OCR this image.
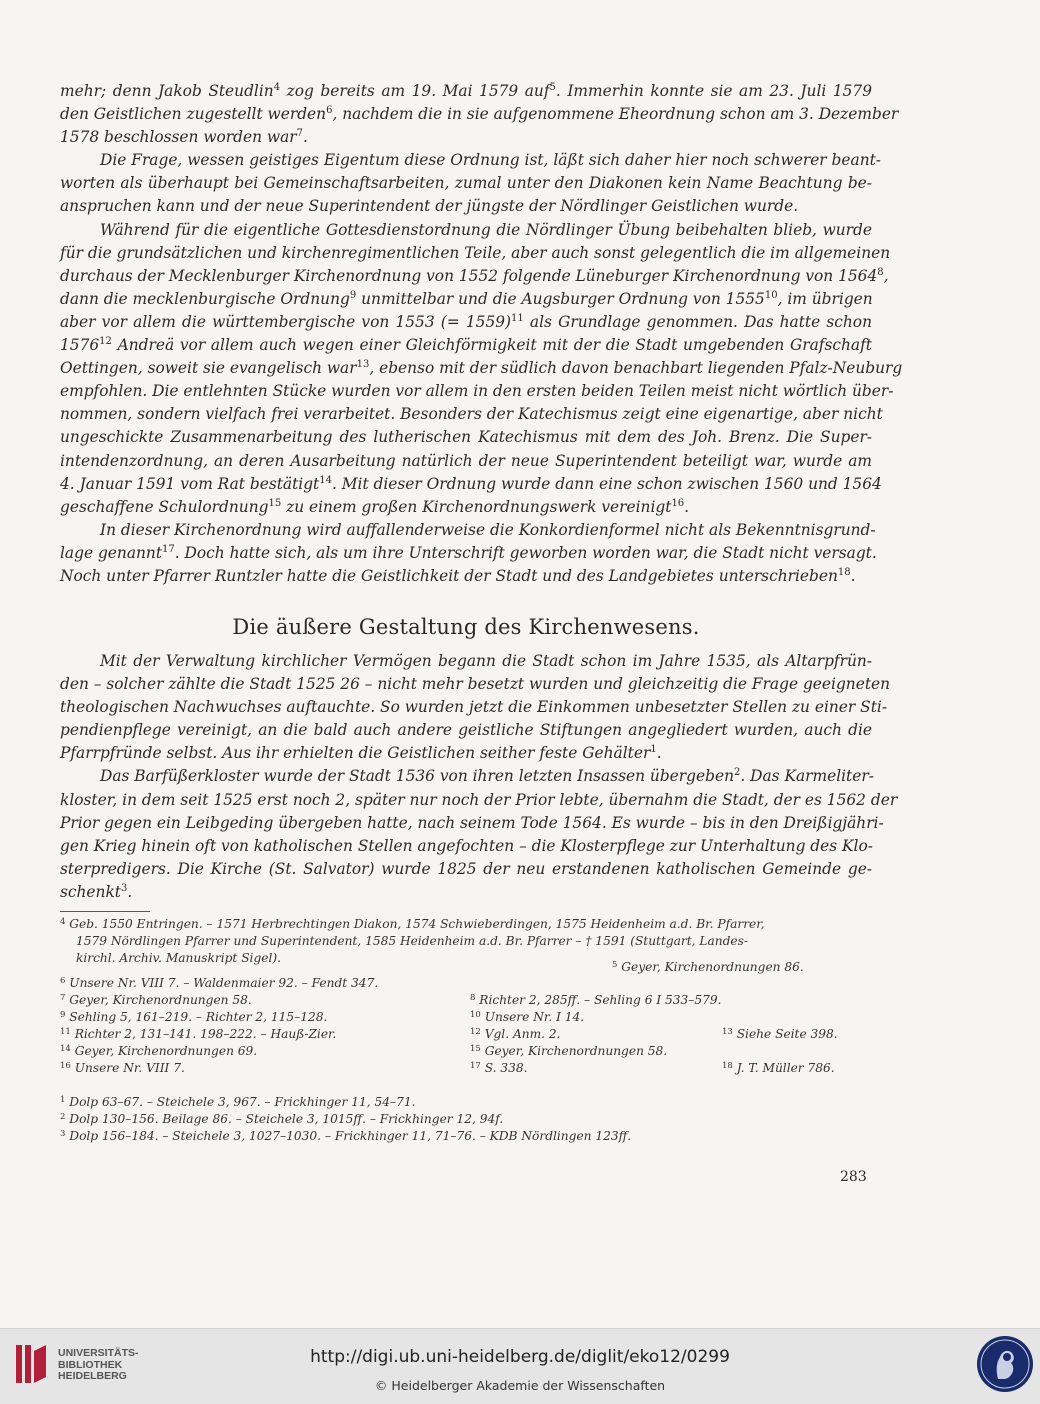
mehr; denn Jakob Steudlin$^4$ zog bereits am 19. Mai 1579 auf$^5$. Immerhin konnte sie am 23. Juli 1579
den Geistlichen zugestellt werden$^6$, nachdem die in sie aufgenommene Eheordnung schon am 3. Dezember
1578 beschlossen worden war$^7$.
Die Frage, wessen geistiges Eigentum diese Ordnung ist, läßt sich daher hier noch schwerer beant-
worten als überhaupt bei Gemeinschaftsarbeiten, zumal unter den Diakonen kein Name Beachtung be-
anspruchen kann und der neue Superintendent der jüngste der Nördlinger Geistlichen wurde.
Während für die eigentliche Gottesdienstordnung die Nördlinger Übung beibehalten blieb, wurde
für die grundsätzlichen und kirchenregimentlichen Teile, aber auch sonst gelegentlich die im allgemeinen
durchaus der Mecklenburger Kirchenordnung von 1552 folgende Lüneburger Kirchenordnung von 1564$^8$,
dann die mecklenburgische Ordnung$^9$ unmittelbar und die Augsburger Ordnung von 1555$^{10}$, im übrigen
aber vor allem die württembergische von 1553 (= 1559)$^{11}$ als Grundlage genommen. Das hatte schon
1576$^{12}$ Andreä vor allem auch wegen einer Gleichförmigkeit mit der die Stadt umgebenden Grafschaft
Oettingen, soweit sie evangelisch war$^{13}$, ebenso mit der südlich davon benachbart liegenden Pfalz-Neuburg
empfohlen. Die entlehnten Stücke wurden vor allem in den ersten beiden Teilen meist nicht wörtlich über-
nommen, sondern vielfach frei verarbeitet. Besonders der Katechismus zeigt eine eigenartige, aber nicht
ungeschickte Zusammenarbeitung des lutherischen Katechismus mit dem des Joh. Brenz. Die Super-
intendenzordnung, an deren Ausarbeitung natürlich der neue Superintendent beteiligt war, wurde am
4. Januar 1591 vom Rat bestätigt$^{14}$. Mit dieser Ordnung wurde dann eine schon zwischen 1560 und 1564
geschaffene Schulordnung$^{15}$ zu einem großen Kirchenordnungswerk vereinigt$^{16}$.
In dieser Kirchenordnung wird auffallenderweise die Konkordienformel nicht als Bekenntnisgrund-
lage genannt$^{17}$. Doch hatte sich, als um ihre Unterschrift geworben worden war, die Stadt nicht versagt.
Noch unter Pfarrer Runtzler hatte die Geistlichkeit der Stadt und des Landgebietes unterschrieben$^{18}$.
Die äußere Gestaltung des Kirchenwesens.
Mit der Verwaltung kirchlicher Vermögen begann die Stadt schon im Jahre 1535, als Altarpfrün-
den – solcher zählte die Stadt 1525 26 – nicht mehr besetzt wurden und gleichzeitig die Frage geeigneten
theologischen Nachwuchses auftauchte. So wurden jetzt die Einkommen unbesetzter Stellen zu einer Sti-
pendienpflege vereinigt, an die bald auch andere geistliche Stiftungen angegliedert wurden, auch die
Pfarrpfründe selbst. Aus ihr erhielten die Geistlichen seither feste Gehälter$^1$.
Das Barfüßerkloster wurde der Stadt 1536 von ihren letzten Insassen übergeben$^2$. Das Karmeliter-
kloster, in dem seit 1525 erst noch 2, später nur noch der Prior lebte, übernahm die Stadt, der es 1562 der
Prior gegen ein Leibgeding übergeben hatte, nach seinem Tode 1564. Es wurde – bis in den Dreißigjähri-
gen Krieg hinein oft von katholischen Stellen angefochten – die Klosterpflege zur Unterhaltung des Klo-
sterpredigers. Die Kirche (St. Salvator) wurde 1825 der neu erstandenen katholischen Gemeinde ge-
schenkt$^3$.
$^4$ Geb. 1550 Entringen. – 1571 Herbrechtingen Diakon, 1574 Schwieberdingen, 1575 Heidenheim a.d. Br. Pfarrer,
1579 Nördlingen Pfarrer und Superintendent, 1585 Heidenheim a.d. Br. Pfarrer – † 1591 (Stuttgart, Landes-
kirchl. Archiv. Manuskript Sigel).	$^5$ Geyer, Kirchenordnungen 86.
$^6$ Unsere Nr. VIII 7. – Waldenmaier 92. – Fendt 347.
$^7$ Geyer, Kirchenordnungen 58.	$^8$ Richter 2, 285ff. – Sehling 6 I 533–579.
$^9$ Sehling 5, 161–219. – Richter 2, 115–128.	$^{10}$ Unsere Nr. I 14.
$^{11}$ Richter 2, 131–141. 198–222. – Hauß-Zier.	$^{12}$ Vgl. Anm. 2.	$^{13}$ Siehe Seite 398.
$^{14}$ Geyer, Kirchenordnungen 69.	$^{15}$ Geyer, Kirchenordnungen 58.
$^{16}$ Unsere Nr. VIII 7.	$^{17}$ S. 338.	$^{18}$ J. T. Müller 786.
$^1$ Dolp 63–67. – Steichele 3, 967. – Frickhinger 11, 54–71.
$^2$ Dolp 130–156. Beilage 86. – Steichele 3, 1015ff. – Frickhinger 12, 94f.
$^3$ Dolp 156–184. – Steichele 3, 1027–1030. – Frickhinger 11, 71–76. – KDB Nördlingen 123ff.
283
UNIVERSITÄTS-
BIBLIOTHEK
HEIDELBERG
http://digi.ub.uni-heidelberg.de/diglit/eko12/0299
© Heidelberger Akademie der Wissenschaften
